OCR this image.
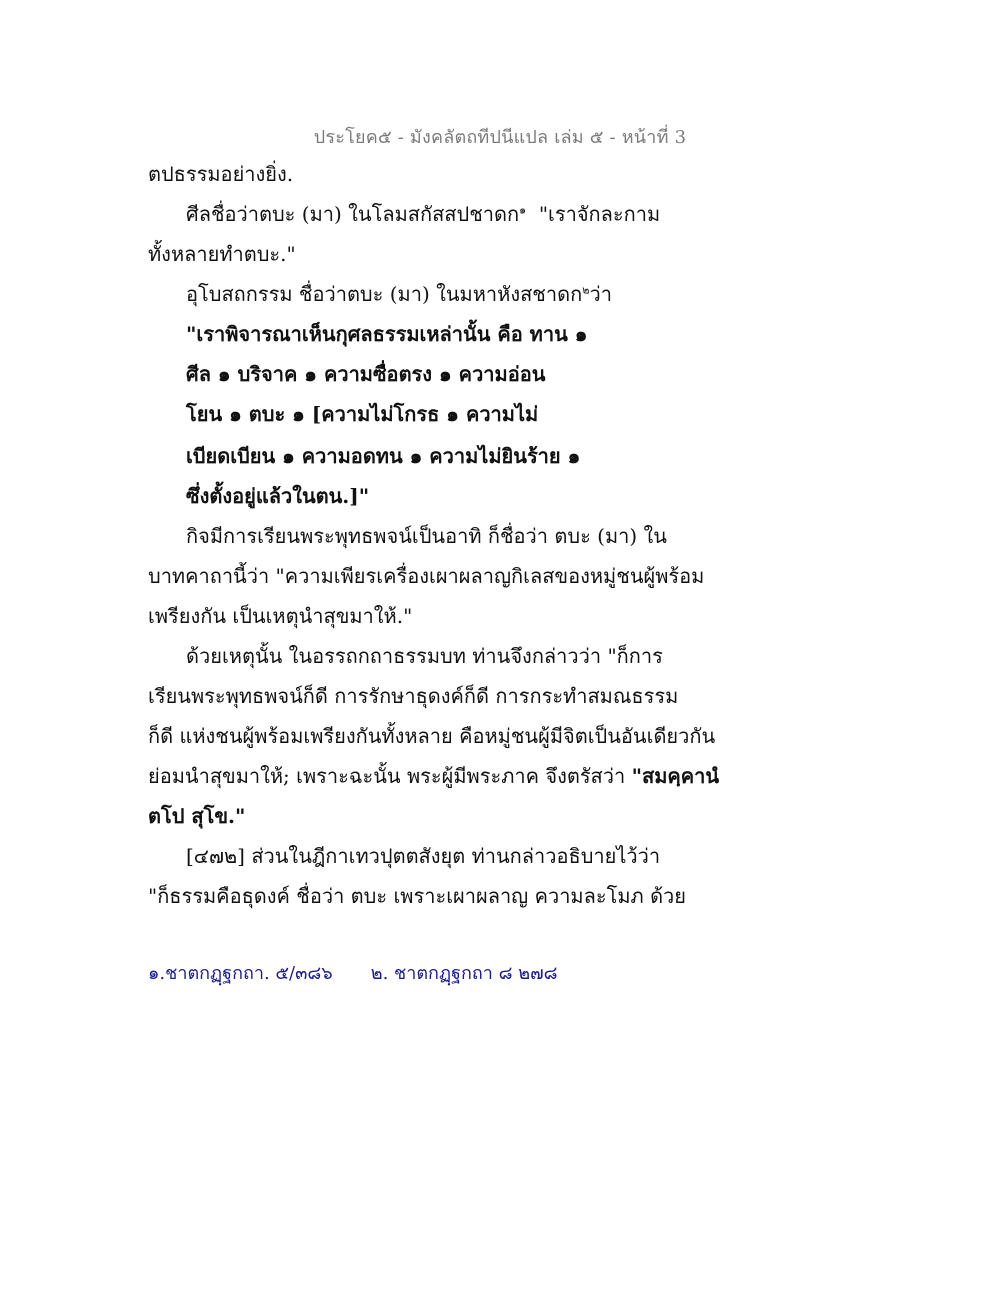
ประโยค๕ - มังคลัตถทีปนีแปล เล่ม ๕ - หน้าที่ 3
ตปธรรมอย่างยิ่ง.
ศีลชื่อว่าตบะ (มา) ในโลมสกัสสปชาดก$^๑$ "เราจักละกาม
ทั้งหลายทำตบะ."
อุโบสถกรรม ชื่อว่าตบะ (มา) ในมหาหังสชาดก$^๒$ว่า
"เราพิจารณาเห็นกุศลธรรมเหล่านั้น คือ ทาน ๑
ศีล ๑ บริจาค ๑ ความซื่อตรง ๑ ความอ่อน
โยน ๑ ตบะ ๑ [ความไม่โกรธ ๑ ความไม่
เบียดเบียน ๑ ความอดทน ๑ ความไม่ยินร้าย ๑
ซึ่งตั้งอยู่แล้วในตน.]"
กิจมีการเรียนพระพุทธพจน์เป็นอาทิ ก็ชื่อว่า ตบะ (มา) ใน
บาทคาถานี้ว่า "ความเพียรเครื่องเผาผลาญกิเลสของหมู่ชนผู้พร้อม
เพรียงกัน เป็นเหตุนำสุขมาให้."
ด้วยเหตุนั้น ในอรรถกถาธรรมบท ท่านจึงกล่าวว่า "ก็การ
เรียนพระพุทธพจน์ก็ดี การรักษาธุดงค์ก็ดี การกระทำสมณธรรม
ก็ดี แห่งชนผู้พร้อมเพรียงกันทั้งหลาย คือหมู่ชนผู้มีจิตเป็นอันเดียวกัน
ย่อมนำสุขมาให้; เพราะฉะนั้น พระผู้มีพระภาค จึงตรัสว่า "สมคฺคานํ
ตโป สุโข."
[๔๗๒] ส่วนในฎีกาเทวปุตตสังยุต ท่านกล่าวอธิบายไว้ว่า
"ก็ธรรมคือธุดงค์ ชื่อว่า ตบะ เพราะเผาผลาญ ความละโมภ ด้วย
๑.ชาตกฏฺฐกถา. ๕/๓๘๖ ๒. ชาตกฏฺฐกถา ๘ ๒๗๘
